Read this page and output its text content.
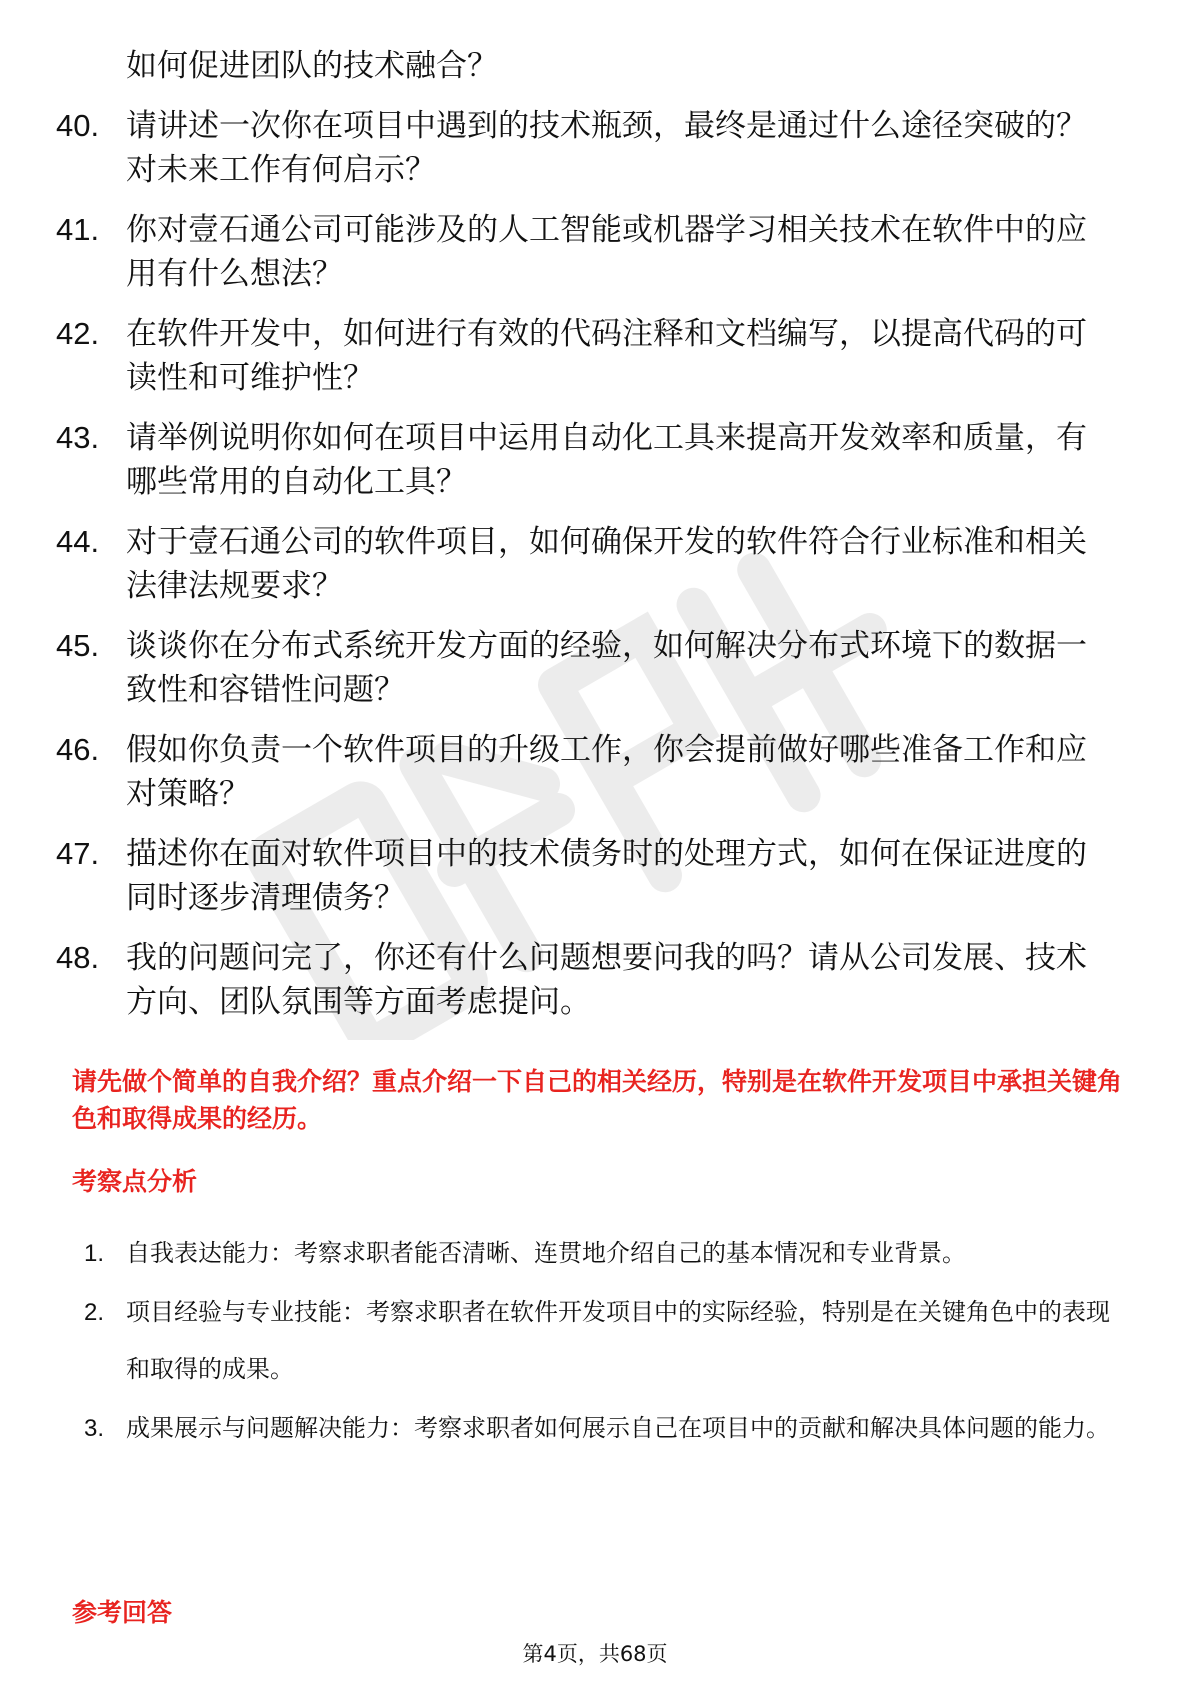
如何促进团队的技术融合？
40. 请讲述一次你在项目中遇到的技术瓶颈，最终是通过什么途径突破的？对未来工作有何启示？
41. 你对壹石通公司可能涉及的人工智能或机器学习相关技术在软件中的应用有什么想法？
42. 在软件开发中，如何进行有效的代码注释和文档编写，以提高代码的可读性和可维护性？
43. 请举例说明你如何在项目中运用自动化工具来提高开发效率和质量，有哪些常用的自动化工具？
44. 对于壹石通公司的软件项目，如何确保开发的软件符合行业标准和相关法律法规要求？
45. 谈谈你在分布式系统开发方面的经验，如何解决分布式环境下的数据一致性和容错性问题？
46. 假如你负责一个软件项目的升级工作，你会提前做好哪些准备工作和应对策略？
47. 描述你在面对软件项目中的技术债务时的处理方式，如何在保证进度的同时逐步清理债务？
48. 我的问题问完了，你还有什么问题想要问我的吗？请从公司发展、技术方向、团队氛围等方面考虑提问。
请先做个简单的自我介绍？重点介绍一下自己的相关经历，特别是在软件开发项目中承担关键角色和取得成果的经历。
考察点分析
1. 自我表达能力：考察求职者能否清晰、连贯地介绍自己的基本情况和专业背景。
2. 项目经验与专业技能：考察求职者在软件开发项目中的实际经验，特别是在关键角色中的表现和取得的成果。
3. 成果展示与问题解决能力：考察求职者如何展示自己在项目中的贡献和解决具体问题的能力。
参考回答
第4页，共68页
